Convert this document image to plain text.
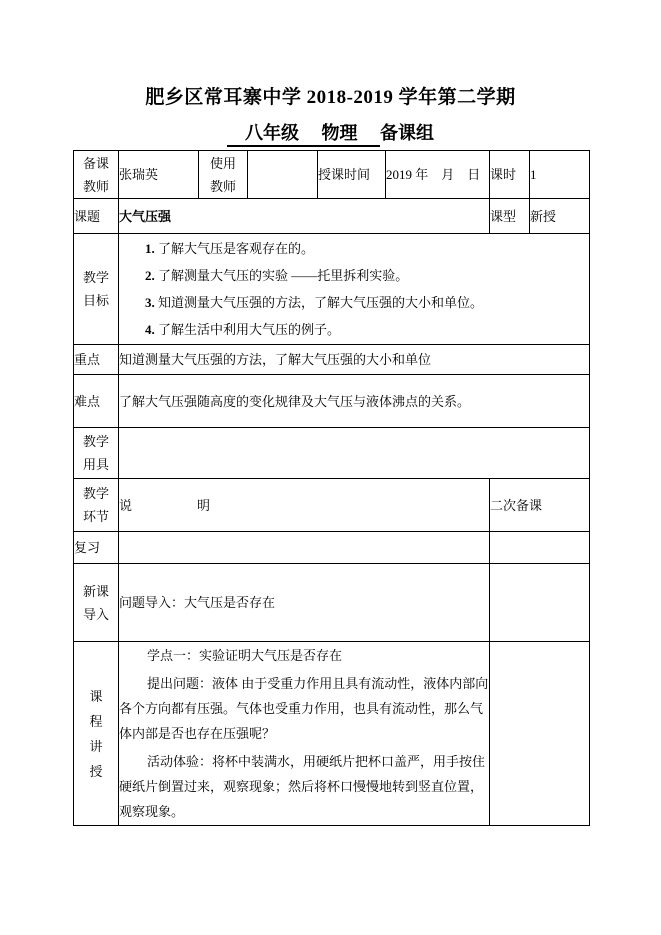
肥乡区常耳寨中学 2018-2019 学年第二学期
　八年级　 物理　 备课组
备课教师	张瑞英	使用教师		授课时间	2019 年　月　日	课时	1
课题	大气压强					课型	新授

教学目标	1. 了解大气压是客观存在的。
2. 了解测量大气压的实验 ——托里拆利实验。
3. 知道测量大气压强的方法，了解大气压强的大小和单位。
4. 了解生活中利用大气压的例子。						

重点	知道测量大气压强的方法，了解大气压强的大小和单位						
难点	了解大气压强随高度的变化规律及大气压与液体沸点的关系。						

教学用具							

教学环节	说　　　　　明					二次备课	
复习							

新课导入	问题导入：大气压是否存在						

课程讲授	学点一：实验证明大气压是否存在

提出问题：液体 由于受重力作用且具有流动性，液体内部向各个方向都有压强。气体也受重力作用，也具有流动性，那么气体内部是否也存在压强呢？

活动体验：将杯中装满水，用硬纸片把杯口盖严，用手按住硬纸片倒置过来，观察现象；然后将杯口慢慢地转到竖直位置，观察现象。						
